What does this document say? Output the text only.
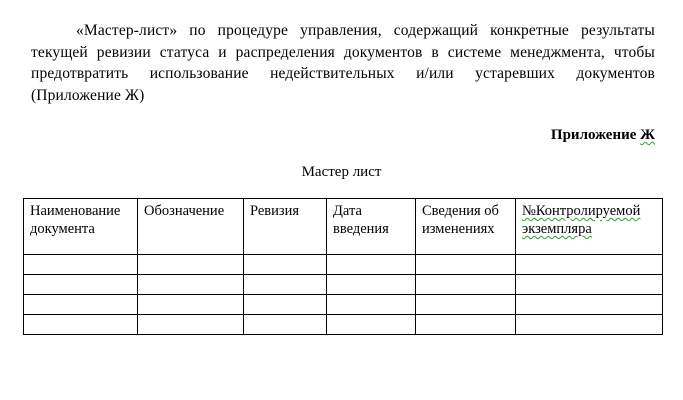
«Мастер-лист» по процедуре управления, содержащий конкретные результаты текущей ревизии статуса и распределения документов в системе менеджмента, чтобы предотвратить использование недействительных и/или устаревших документов (Приложение Ж)

Приложение Ж

Мастер лист

Наименование документа	Обозначение	Ревизия	Дата введения	Сведения об изменениях	№Контролируемой экземпляра
